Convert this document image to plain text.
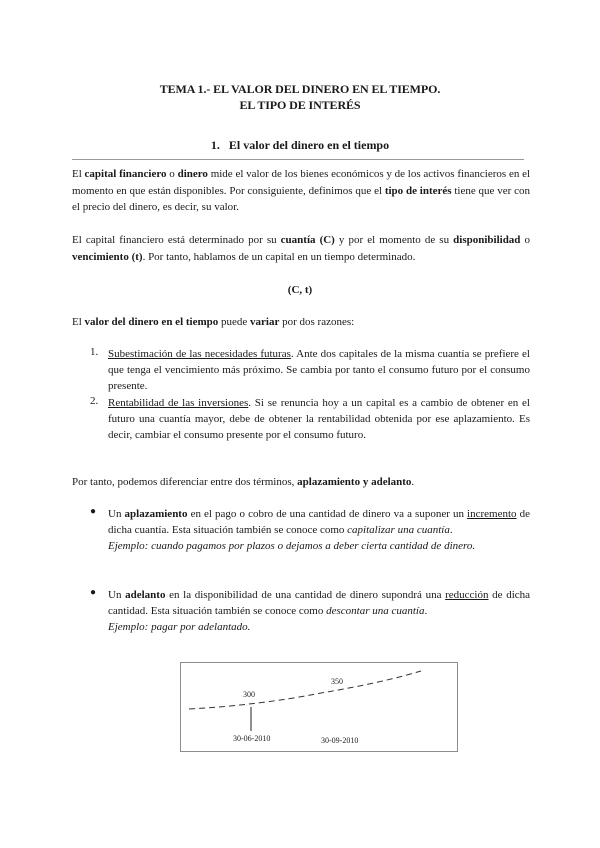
TEMA 1.- EL VALOR DEL DINERO EN EL TIEMPO.
EL TIPO DE INTERÉS
1. El valor del dinero en el tiempo
El capital financiero o dinero mide el valor de los bienes económicos y de los activos financieros en el momento en que están disponibles. Por consiguiente, definimos que el tipo de interés tiene que ver con el precio del dinero, es decir, su valor.
El capital financiero está determinado por su cuantía (C) y por el momento de su disponibilidad o vencimiento (t). Por tanto, hablamos de un capital en un tiempo determinado.
(C, t)
El valor del dinero en el tiempo puede variar por dos razones:
1. Subestimación de las necesidades futuras. Ante dos capitales de la misma cuantía se prefiere el que tenga el vencimiento más próximo. Se cambia por tanto el consumo futuro por el consumo presente.
2. Rentabilidad de las inversiones. Si se renuncia hoy a un capital es a cambio de obtener en el futuro una cuantía mayor, debe de obtener la rentabilidad obtenida por ese aplazamiento. Es decir, cambiar el consumo presente por el consumo futuro.
Por tanto, podemos diferenciar entre dos términos, aplazamiento y adelanto.
● Un aplazamiento en el pago o cobro de una cantidad de dinero va a suponer un incremento de dicha cuantía. Esta situación también se conoce como capitalizar una cuantía.
Ejemplo: cuando pagamos por plazos o dejamos a deber cierta cantidad de dinero.
● Un adelanto en la disponibilidad de una cantidad de dinero supondrá una reducción de dicha cantidad. Esta situación también se conoce como descontar una cuantía.
Ejemplo: pagar por adelantado.
300
350
30-06-2010	30-09-2010
